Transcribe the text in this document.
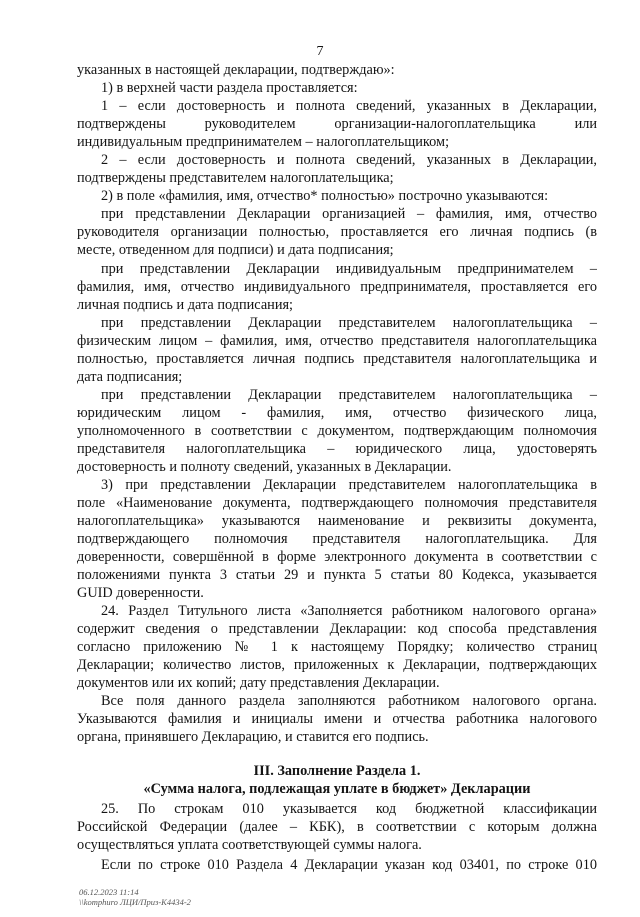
7
указанных в настоящей декларации, подтверждаю»:
1) в верхней части раздела проставляется:
1 – если достоверность и полнота сведений, указанных в Декларации,
подтверждены руководителем организации-налогоплательщика или
индивидуальным предпринимателем – налогоплательщиком;
2 – если достоверность и полнота сведений, указанных в Декларации,
подтверждены представителем налогоплательщика;
2) в поле «фамилия, имя, отчество* полностью» построчно указываются:
при представлении Декларации организацией – фамилия, имя, отчество
руководителя организации полностью, проставляется его личная подпись (в
месте, отведенном для подписи) и дата подписания;
при представлении Декларации индивидуальным предпринимателем –
фамилия, имя, отчество индивидуального предпринимателя, проставляется его
личная подпись и дата подписания;
при представлении Декларации представителем налогоплательщика –
физическим лицом – фамилия, имя, отчество представителя налогоплательщика
полностью, проставляется личная подпись представителя налогоплательщика и
дата подписания;
при представлении Декларации представителем налогоплательщика –
юридическим лицом - фамилия, имя, отчество физического лица,
уполномоченного в соответствии с документом, подтверждающим полномочия
представителя налогоплательщика – юридического лица, удостоверять
достоверность и полноту сведений, указанных в Декларации.
3) при представлении Декларации представителем налогоплательщика в
поле «Наименование документа, подтверждающего полномочия представителя
налогоплательщика» указываются наименование и реквизиты документа,
подтверждающего полномочия представителя налогоплательщика. Для
доверенности, совершённой в форме электронного документа в соответствии с
положениями пункта 3 статьи 29 и пункта 5 статьи 80 Кодекса, указывается
GUID доверенности.
24. Раздел Титульного листа «Заполняется работником налогового органа»
содержит сведения о представлении Декларации: код способа представления
согласно приложению № 1 к настоящему Порядку; количество страниц
Декларации; количество листов, приложенных к Декларации, подтверждающих
документов или их копий; дату представления Декларации.
Все поля данного раздела заполняются работником налогового органа.
Указываются фамилия и инициалы имени и отчества работника налогового
органа, принявшего Декларацию, и ставится его подпись.
III. Заполнение Раздела 1.
«Сумма налога, подлежащая уплате в бюджет» Декларации
25. По строкам 010 указывается код бюджетной классификации
Российской Федерации (далее – КБК), в соответствии с которым должна
осуществляться уплата соответствующей суммы налога.
Если по строке 010 Раздела 4 Декларации указан код 03401, по строке 010
06.12.2023 11:14
\\komphuro ЛЦИ/Приз-К4434-2
